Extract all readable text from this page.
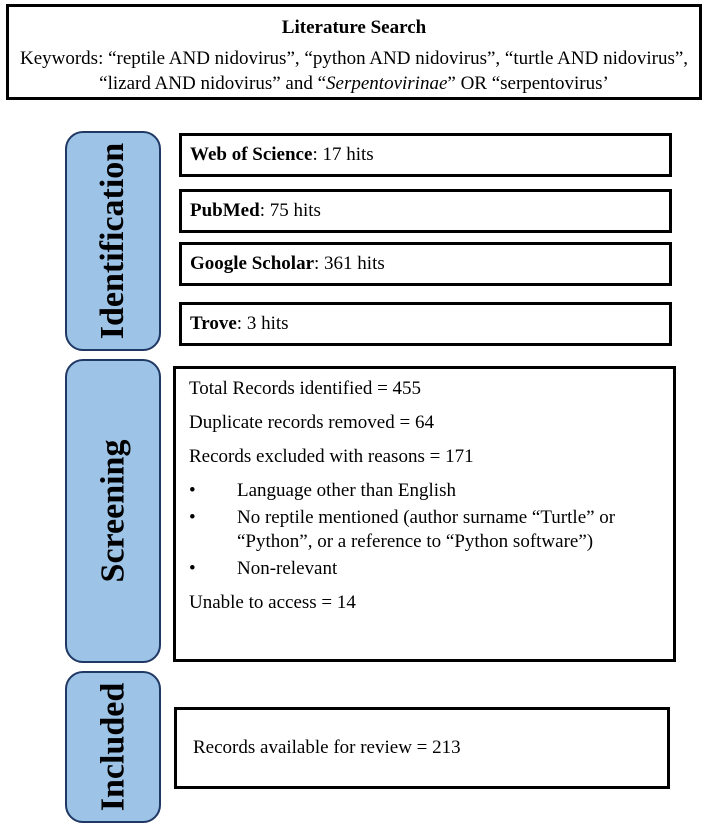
Literature Search
Keywords: “reptile AND nidovirus”, “python AND nidovirus”, “turtle AND nidovirus”, “lizard AND nidovirus” and “Serpentovirinae” OR “serpentovirus’
Identification
Screening
Included
Web of Science: 17 hits
PubMed: 75 hits
Google Scholar: 361 hits
Trove: 3 hits
Total Records identified = 455
Duplicate records removed = 64
Records excluded with reasons = 171
• Language other than English
• No reptile mentioned (author surname “Turtle” or “Python”, or a reference to “Python software”)
• Non-relevant
Unable to access = 14
Records available for review = 213
